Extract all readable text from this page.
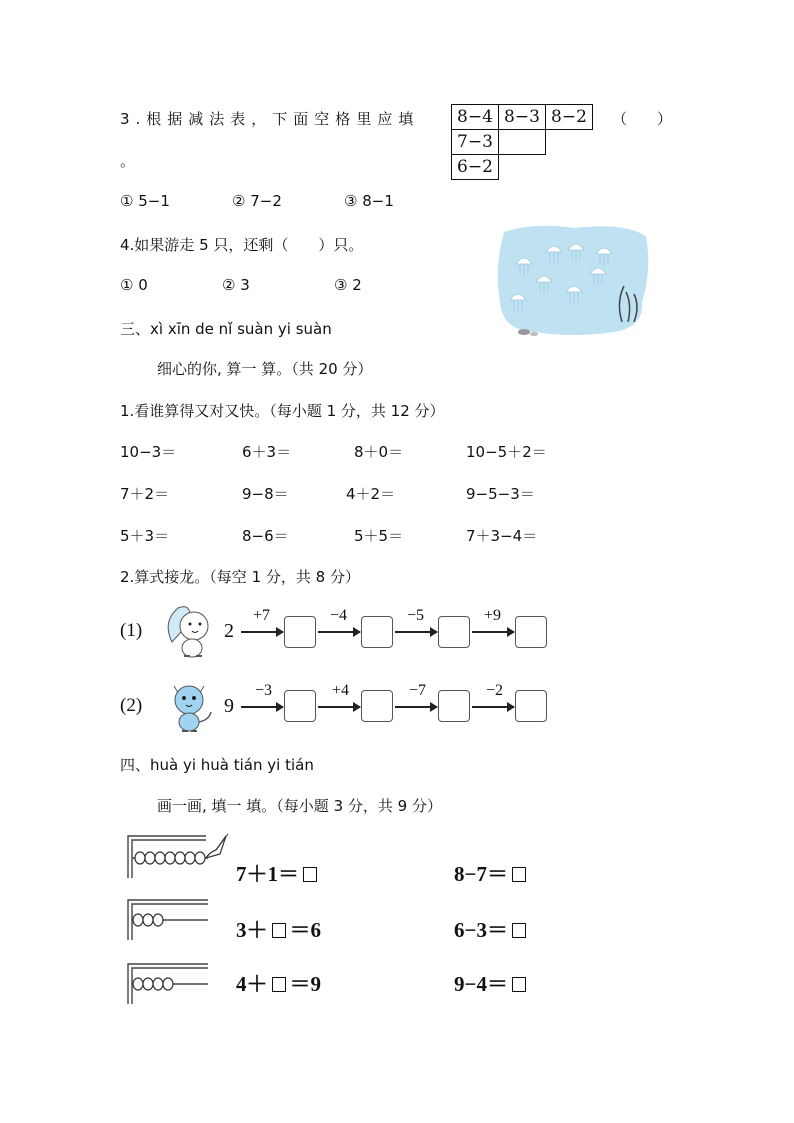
3.根据减法表，下面空格里应填
。
8−4	8−3	8−2
7−3		
6−2		
（　　）
① 5−1	② 7−2	③ 8−1
4.如果游走 5 只，还剩（　　）只。
① 0	② 3	③ 2
三、xì xīn de nǐ suàn yi suàn
细心的你, 算一 算。（共 20 分）
1.看谁算得又对又快。（每小题 1 分，共 12 分）
10−3＝	6＋3＝	8＋0＝	10−5＋2＝
7＋2＝	9−8＝	4＋2＝	9−5−3＝
5＋3＝	8−6＝	5＋5＝	7＋3−4＝
2.算式接龙。（每空 1 分，共 8 分）
(1)	2
+7	−4	−5	+9
(2)	9
−3	+4	−7	−2
四、huà yi huà tián yi tián
画一画, 填一 填。（每小题 3 分，共 9 分）
7＋1＝	8−7＝
3＋ ＝6	6−3＝
4＋ ＝9	9−4＝
